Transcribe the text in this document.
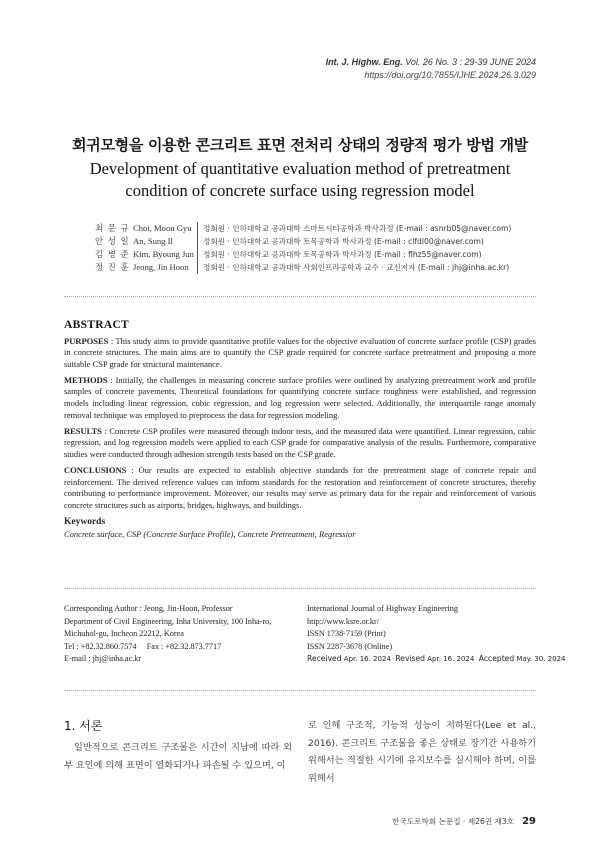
Int. J. Highw. Eng. Vol. 26 No. 3 : 29-39 JUNE 2024
https://doi.org/10.7855/IJHE.2024.26.3.029
회귀모형을 이용한 콘크리트 표면 전처리 상태의 정량적 평가 방법 개발
Development of quantitative evaluation method of pretreatment condition of concrete surface using regression model
최 문 규 Choi, Moon Gyu	정회원 · 인하대학교 공과대학 스마트시티공학과 박사과정 (E-mail : asnrb05@naver.com)
안 성 일 An, Sung Il	정회원 · 인하대학교 공과대학 토목공학과 박사과정 (E-mail : clfdl00@naver.com)
김 병 준 Kim, Byoung Jun	정회원 · 인하대학교 공과대학 토목공학과 박사과정 (E-mail : flhz55@naver.com)
정 진 훈 Jeong, Jin Hoon	정회원 · 인하대학교 공과대학 사회인프라공학과 교수 · 교신저자 (E-mail : jhj@inha.ac.kr)
ABSTRACT

PURPOSES : This study aims to provide quantitative profile values for the objective evaluation of concrete surface profile (CSP) grades in concrete structures. The main aims are to quantify the CSP grade required for concrete surface pretreatment and proposing a more suitable CSP grade for structural maintenance.

METHODS : Initially, the challenges in measuring concrete surface profiles were outlined by analyzing pretreatment work and profile samples of concrete pavements. Theoretical foundations for quantifying concrete surface roughness were established, and regression models including linear regression, cubic regression, and log regression were selected. Additionally, the interquartile range anomaly removal technique was employed to preprocess the data for regression modeling.

RESULTS : Concrete CSP profiles were measured through indoor tests, and the measured data were quantified. Linear regression, cubic regression, and log regression models were applied to each CSP grade for comparative analysis of the results. Furthermore, comparative studies were conducted through adhesion strength tests based on the CSP grade.

CONCLUSIONS : Our results are expected to establish objective standards for the pretreatment stage of concrete repair and reinforcement. The derived reference values can inform standards for the restoration and reinforcement of concrete structures, thereby contributing to performance improvement. Moreover, our results may serve as primary data for the repair and reinforcement of various concrete structures such as airports, bridges, highways, and buildings.

Keywords
Concrete surface, CSP (Concrete Surface Profile), Concrete Pretreatment, Regressior
Corresponding Author : Jeong, Jin-Hoon, Professor
Department of Civil Engineering, Inha University, 100 Inha-ro,
Michuhol-gu, Incheon 22212, Korea
Tel : +82.32.860.7574     Fax : +82.32.873.7717
E-mail : jhj@inha.ac.kr
International Journal of Highway Engineering
http://www.ksre.or.kr/
ISSN 1738-7159 (Print)
ISSN 2287-3678 (Online)
Received Apr. 16. 2024 Revised Apr. 16. 2024 Accepted May. 30. 2024
1. 서론
일반적으로 콘크리트 구조물은 시간이 지남에 따라 외부 요인에 의해 표면이 열화되거나 파손될 수 있으며, 이
로 인해 구조적, 기능적 성능이 저하된다(Lee et al., 2016). 콘크리트 구조물을 좋은 상태로 장기간 사용하기 위해서는 적절한 시기에 유지보수를 실시해야 하며, 이를 위해서
한국도로학회 논문집 · 제26권 제3호 29
